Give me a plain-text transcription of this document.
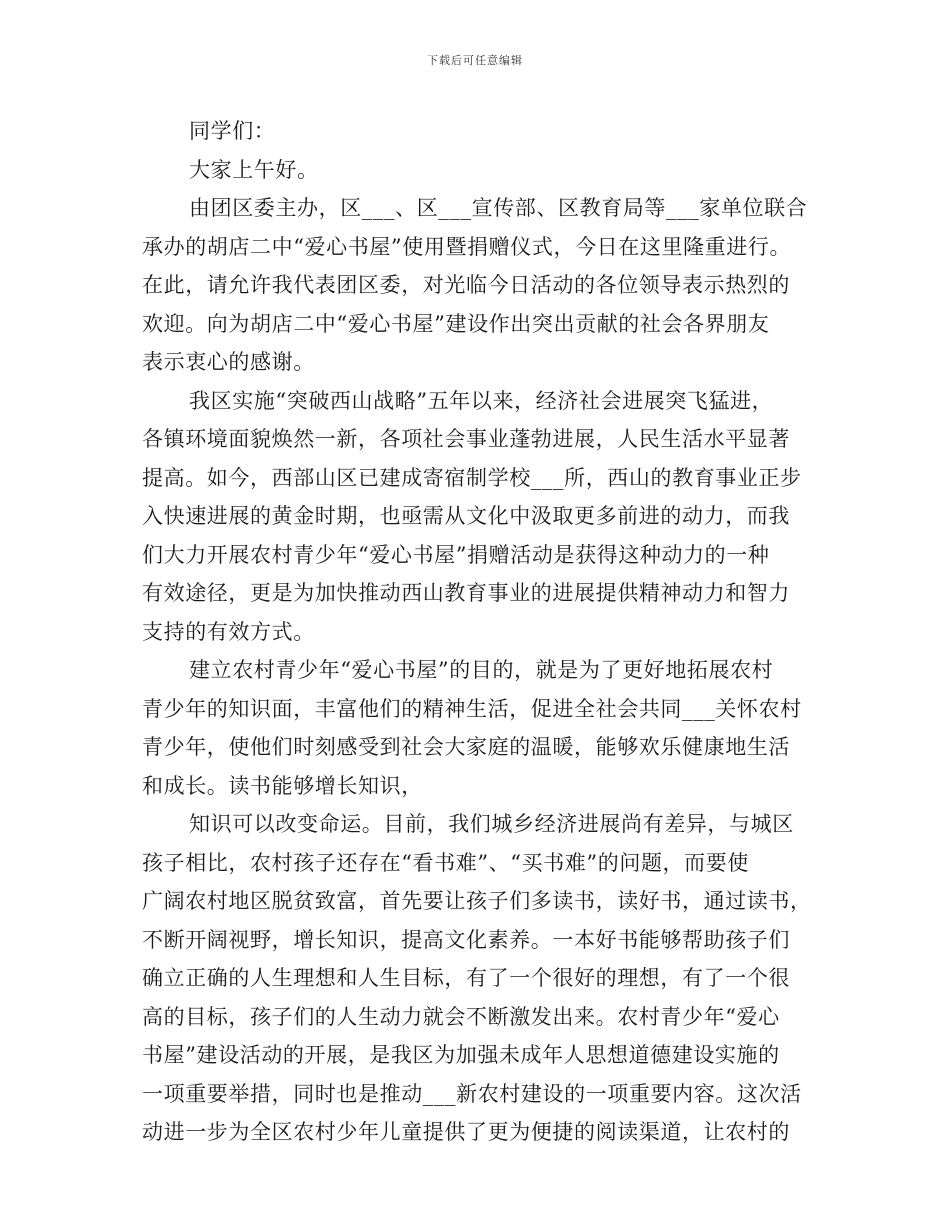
下载后可任意编辑
同学们：
大家上午好。
由团区委主办，区___、区___宣传部、区教育局等___家单位联合
承办的胡店二中“爱心书屋”使用暨捐赠仪式，今日在这里隆重进行。
在此，请允许我代表团区委，对光临今日活动的各位领导表示热烈的
欢迎。向为胡店二中“爱心书屋”建设作出突出贡献的社会各界朋友
表示衷心的感谢。
我区实施“突破西山战略”五年以来，经济社会进展突飞猛进，
各镇环境面貌焕然一新，各项社会事业蓬勃进展，人民生活水平显著
提高。如今，西部山区已建成寄宿制学校___所，西山的教育事业正步
入快速进展的黄金时期，也亟需从文化中汲取更多前进的动力，而我
们大力开展农村青少年“爱心书屋”捐赠活动是获得这种动力的一种
有效途径，更是为加快推动西山教育事业的进展提供精神动力和智力
支持的有效方式。
建立农村青少年“爱心书屋”的目的，就是为了更好地拓展农村
青少年的知识面，丰富他们的精神生活，促进全社会共同___关怀农村
青少年，使他们时刻感受到社会大家庭的温暖，能够欢乐健康地生活
和成长。读书能够增长知识，
知识可以改变命运。目前，我们城乡经济进展尚有差异，与城区
孩子相比，农村孩子还存在“看书难”、“买书难”的问题，而要使
广阔农村地区脱贫致富，首先要让孩子们多读书，读好书，通过读书，
不断开阔视野，增长知识，提高文化素养。一本好书能够帮助孩子们
确立正确的人生理想和人生目标，有了一个很好的理想，有了一个很
高的目标，孩子们的人生动力就会不断激发出来。农村青少年“爱心
书屋”建设活动的开展，是我区为加强未成年人思想道德建设实施的
一项重要举措，同时也是推动___新农村建设的一项重要内容。这次活
动进一步为全区农村少年儿童提供了更为便捷的阅读渠道，让农村的
